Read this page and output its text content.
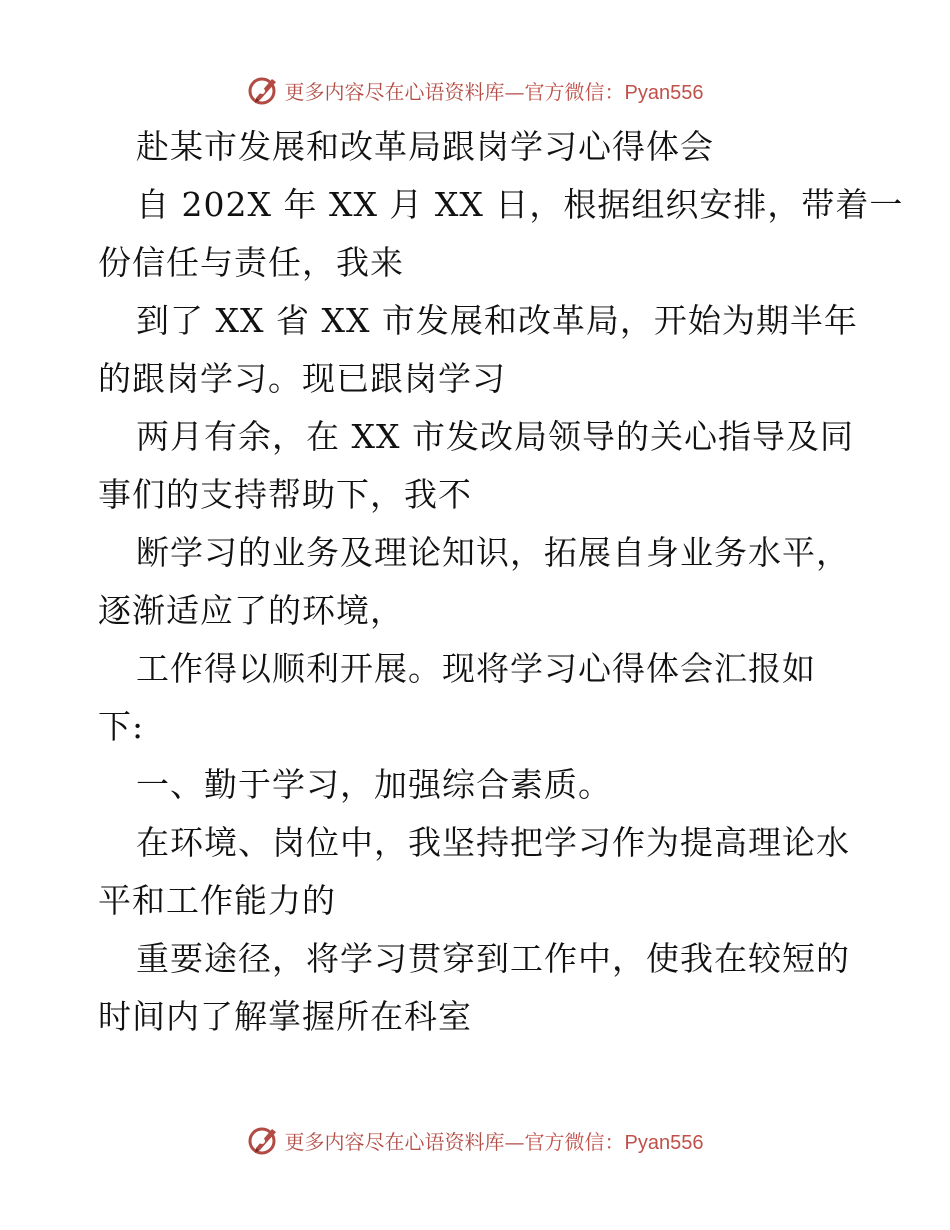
更多内容尽在心语资料库— 官方微信：Pyan556
赴某市发展和改革局跟岗学习心得体会
自 202X 年 XX 月 XX 日，根据组织安排，带着一
份信任与责任，我来
到了 XX 省 XX 市发展和改革局，开始为期半年
的跟岗学习。现已跟岗学习
两月有余，在 XX 市发改局领导的关心指导及同
事们的支持帮助下，我不
断学习的业务及理论知识，拓展自身业务水平，
逐渐适应了的环境，
工作得以顺利开展。现将学习心得体会汇报如
下:
一、勤于学习，加强综合素质。
在环境、岗位中，我坚持把学习作为提高理论水
平和工作能力的
重要途径，将学习贯穿到工作中，使我在较短的
时间内了解掌握所在科室
更多内容尽在心语资料库— 官方微信：Pyan556
